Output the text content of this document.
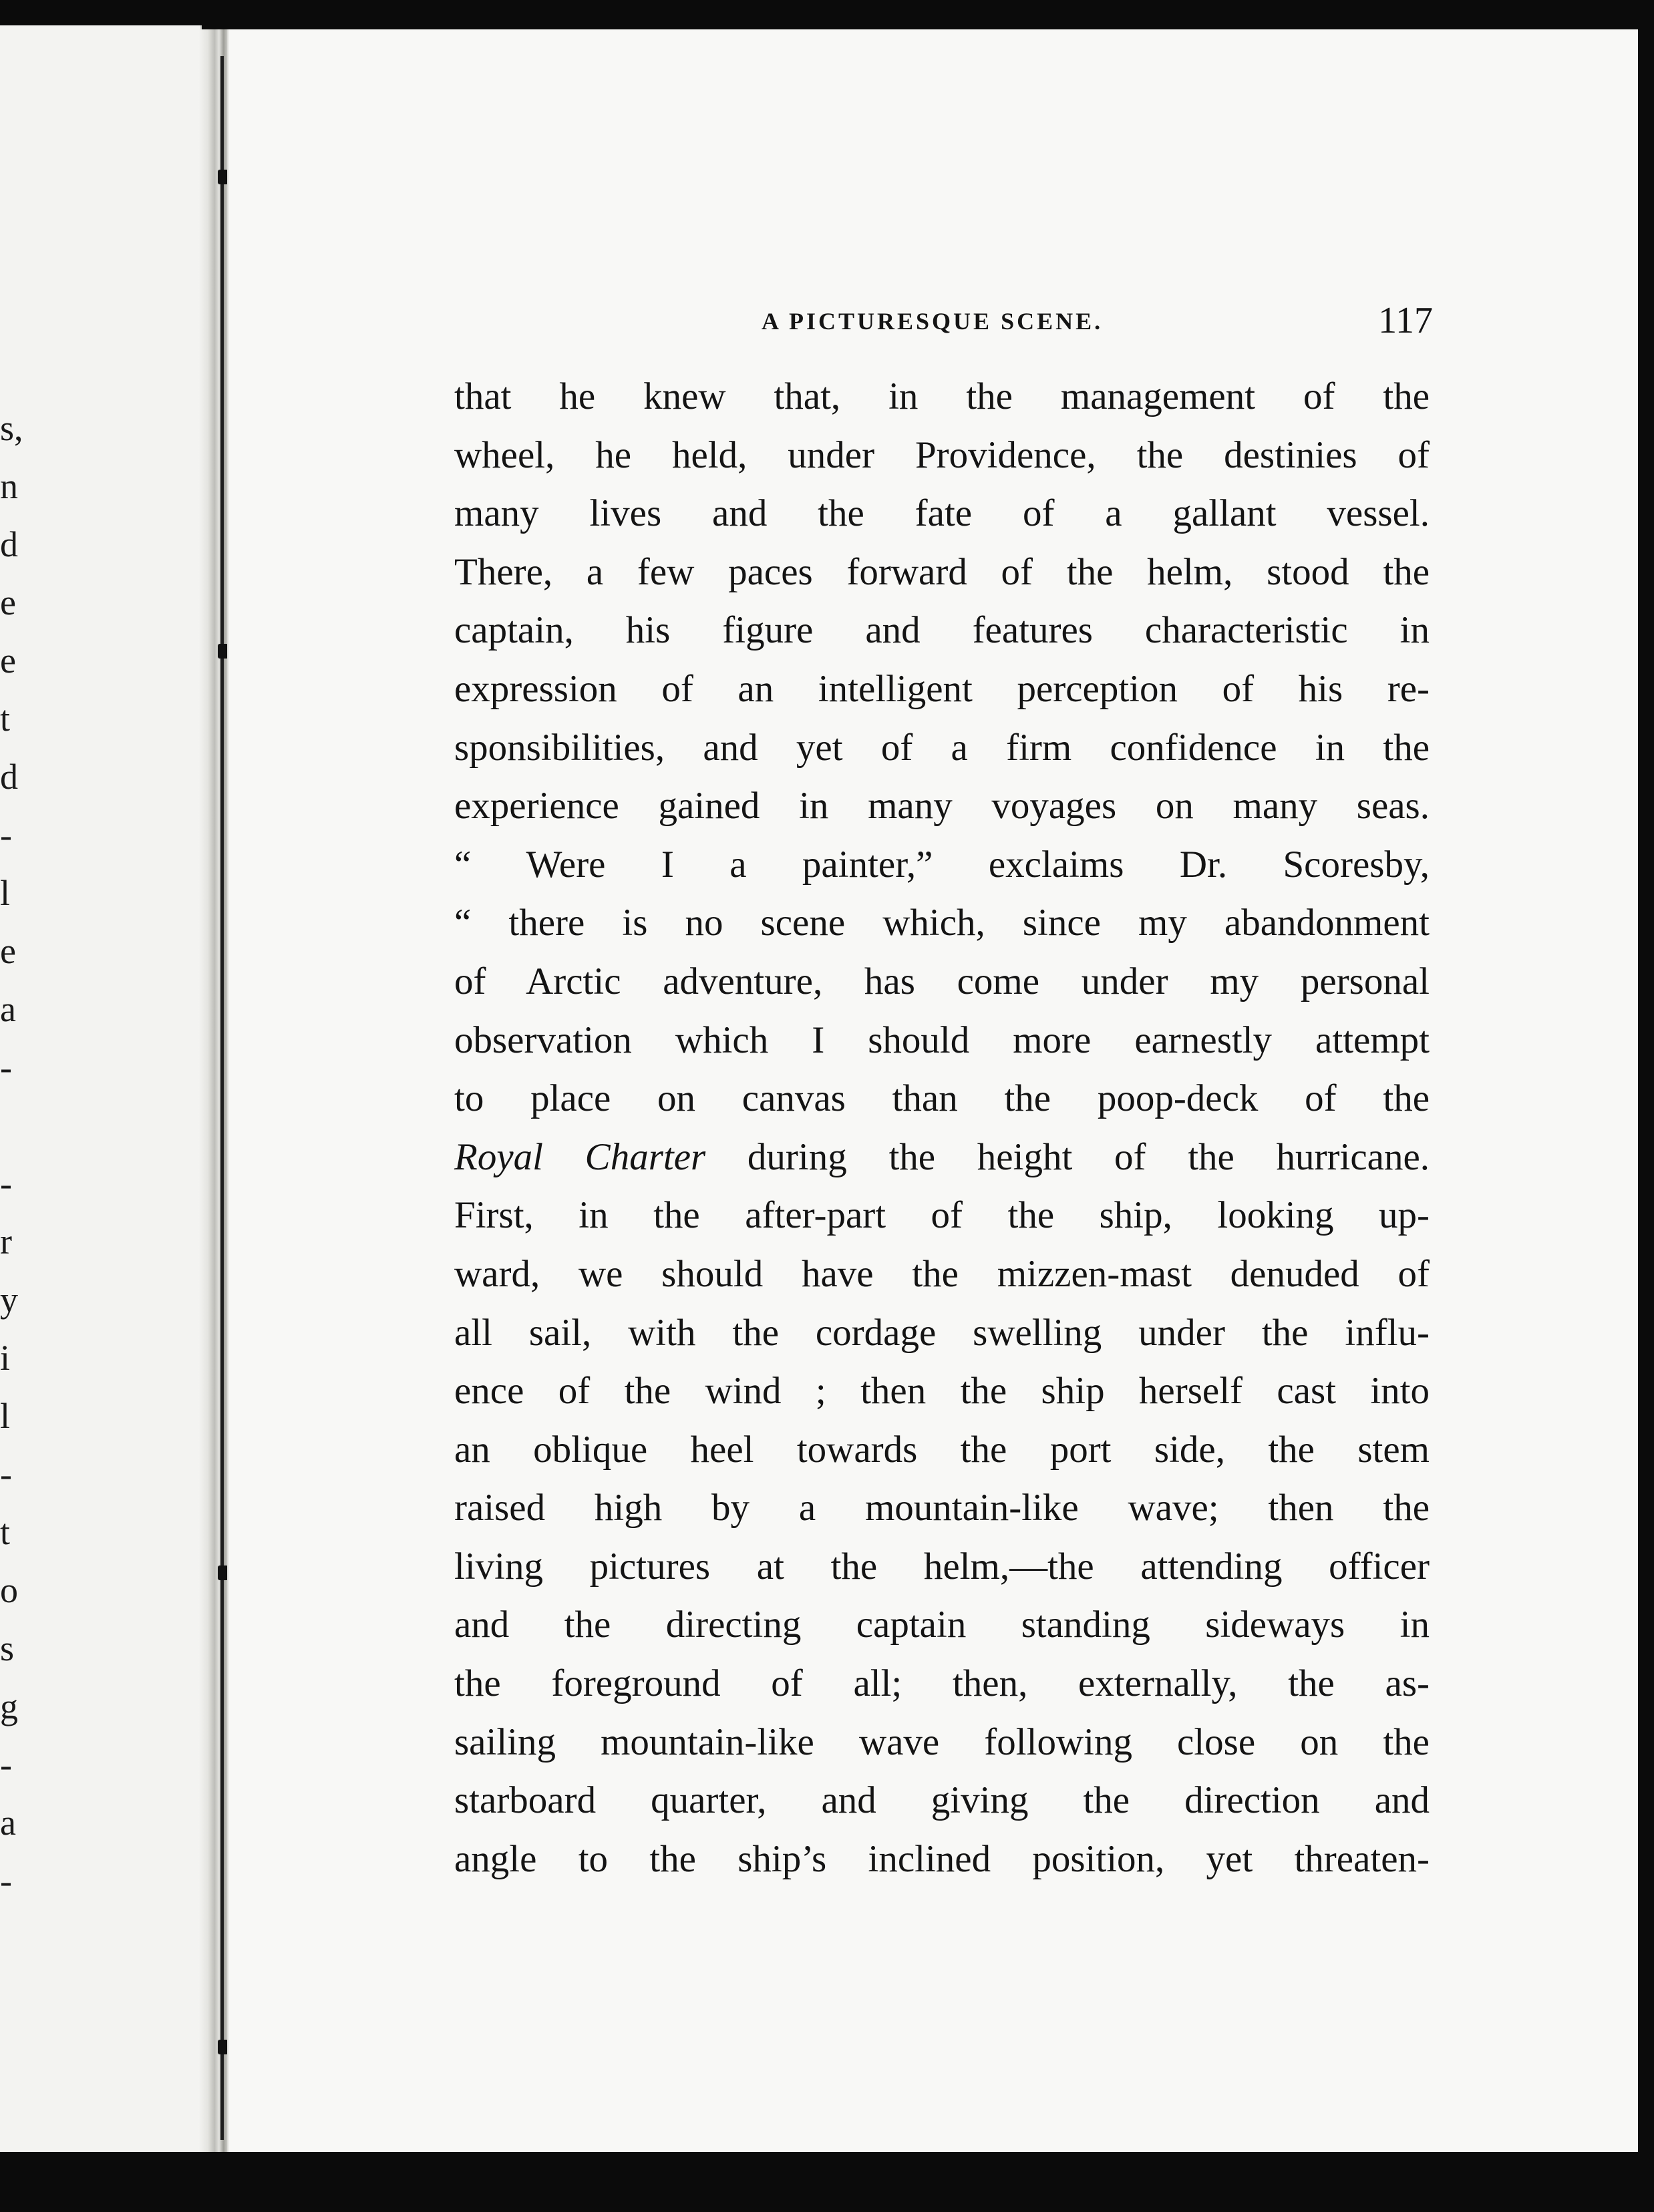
s,
n
d
e
e
t
d
-
l
e
a
-
-
r
y
i
l
-
t
o
s
g
-
a
-
A PICTURESQUE SCENE.	117
that he knew that, in the management of the
wheel, he held, under Providence, the destinies of
many lives and the fate of a gallant vessel.
There, a few paces forward of the helm, stood the
captain, his figure and features characteristic in
expression of an intelligent perception of his re-
sponsibilities, and yet of a firm confidence in the
experience gained in many voyages on many seas.
“ Were I a painter,” exclaims Dr. Scoresby,
“ there is no scene which, since my abandonment
of Arctic adventure, has come under my personal
observation which I should more earnestly attempt
to place on canvas than the poop-deck of the
Royal Charter during the height of the hurricane.
First, in the after-part of the ship, looking up-
ward, we should have the mizzen-mast denuded of
all sail, with the cordage swelling under the influ-
ence of the wind ; then the ship herself cast into
an oblique heel towards the port side, the stem
raised high by a mountain-like wave; then the
living pictures at the helm,—the attending officer
and the directing captain standing sideways in
the foreground of all; then, externally, the as-
sailing mountain-like wave following close on the
starboard quarter, and giving the direction and
angle to the ship’s inclined position, yet threaten-
